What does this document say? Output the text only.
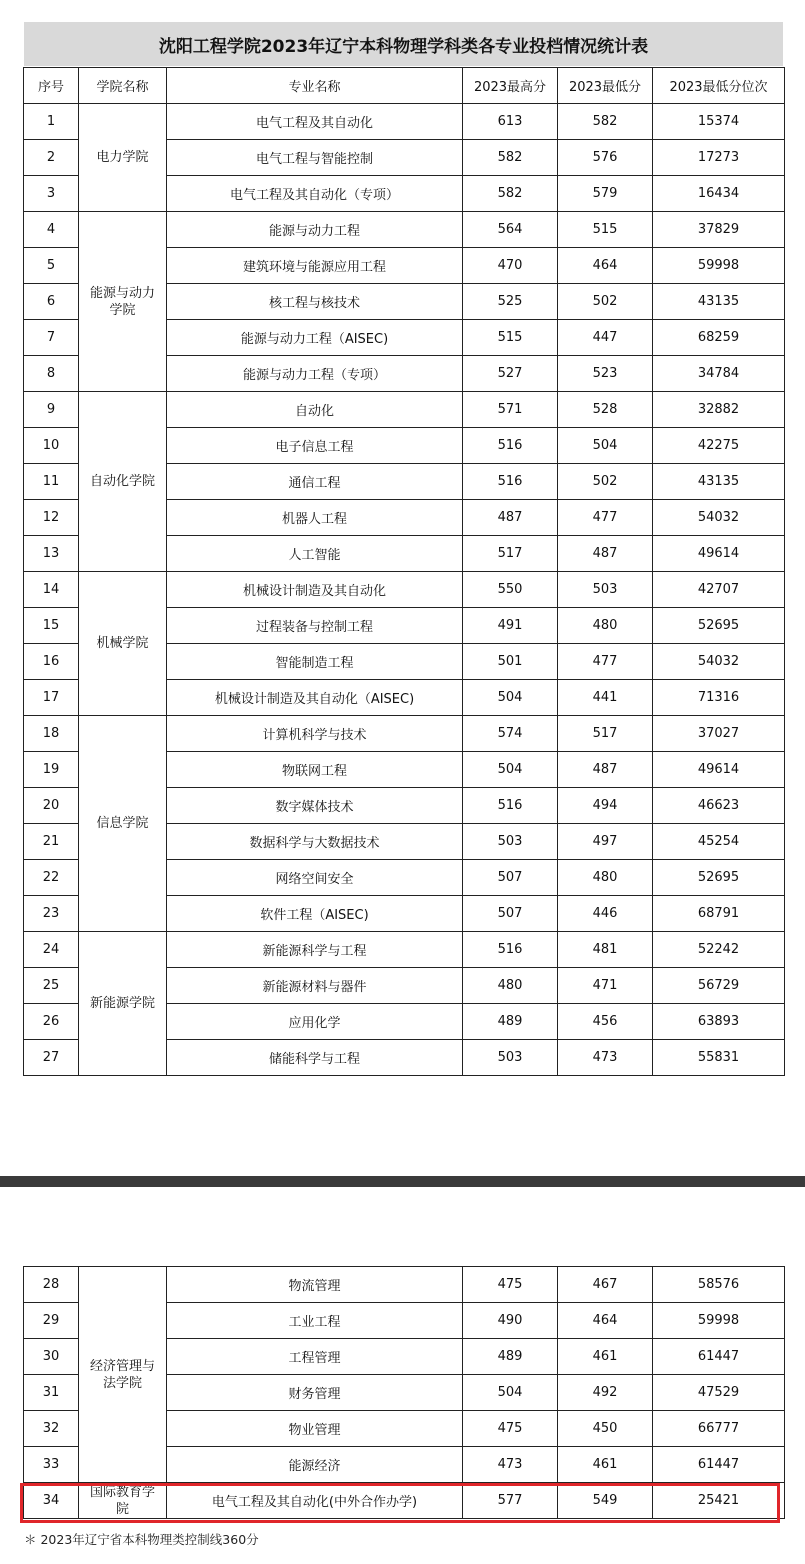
沈阳工程学院2023年辽宁本科物理学科类各专业投档情况统计表
序号	学院名称	专业名称	2023最高分	2023最低分	2023最低分位次
1	电力学院	电气工程及其自动化	613	582	15374
2		电气工程与智能控制	582	576	17273
3		电气工程及其自动化（专项）	582	579	16434
4	能源与动力学院	能源与动力工程	564	515	37829
5		建筑环境与能源应用工程	470	464	59998
6		核工程与核技术	525	502	43135
7		能源与动力工程（AISEC)	515	447	68259
8		能源与动力工程（专项）	527	523	34784
9	自动化学院	自动化	571	528	32882
10		电子信息工程	516	504	42275
11		通信工程	516	502	43135
12		机器人工程	487	477	54032
13		人工智能	517	487	49614
14	机械学院	机械设计制造及其自动化	550	503	42707
15		过程装备与控制工程	491	480	52695
16		智能制造工程	501	477	54032
17		机械设计制造及其自动化（AISEC)	504	441	71316
18	信息学院	计算机科学与技术	574	517	37027
19		物联网工程	504	487	49614
20		数字媒体技术	516	494	46623
21		数据科学与大数据技术	503	497	45254
22		网络空间安全	507	480	52695
23		软件工程（AISEC)	507	446	68791
24	新能源学院	新能源科学与工程	516	481	52242
25		新能源材料与器件	480	471	56729
26		应用化学	489	456	63893
27		储能科学与工程	503	473	55831
28	经济管理与法学院	物流管理	475	467	58576
29		工业工程	490	464	59998
30		工程管理	489	461	61447
31		财务管理	504	492	47529
32		物业管理	475	450	66777
33		能源经济	473	461	61447
34	国际教育学院	电气工程及其自动化(中外合作办学)	577	549	25421
＊ 2023年辽宁省本科物理类控制线360分
